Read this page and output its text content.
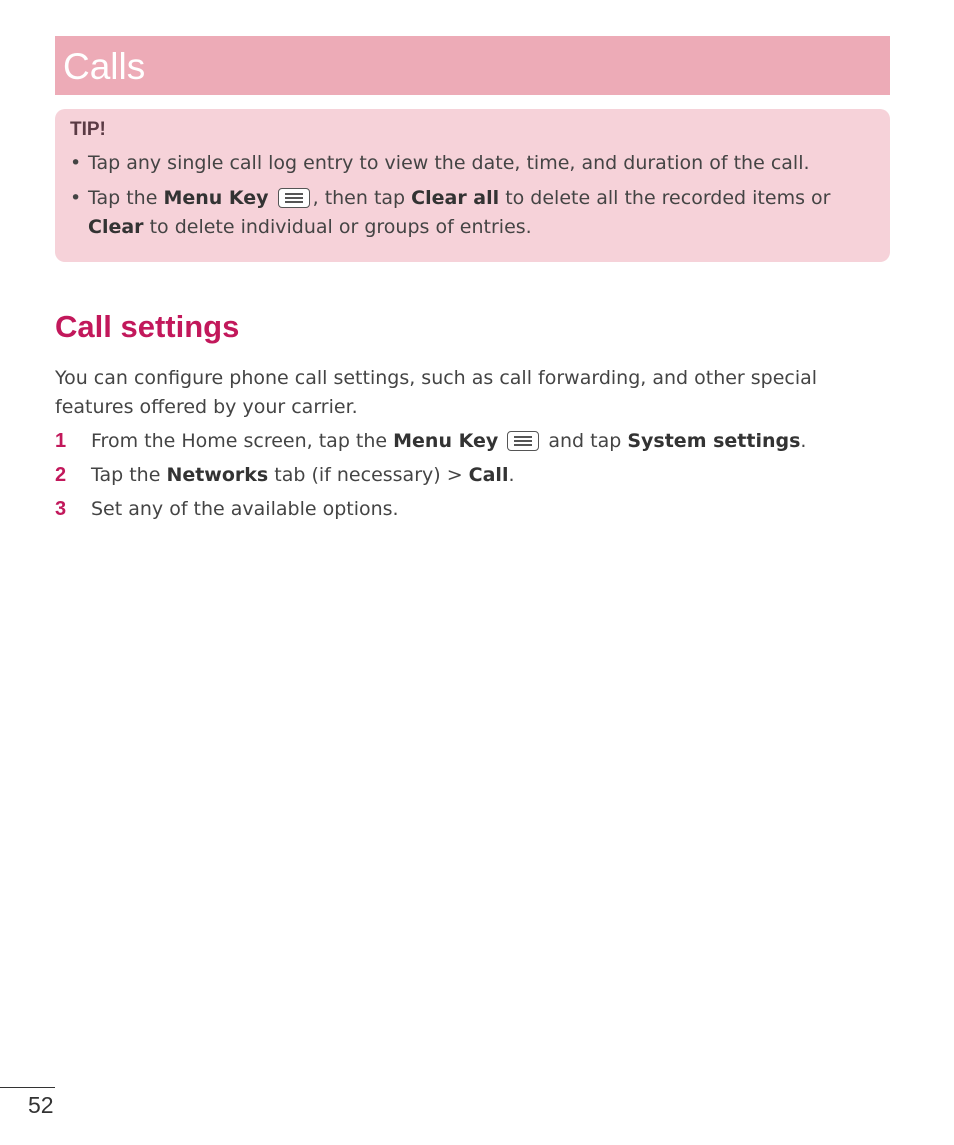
Calls
TIP!
• Tap any single call log entry to view the date, time, and duration of the call.
• Tap the Menu Key , then tap Clear all to delete all the recorded items or Clear to delete individual or groups of entries.
Call settings
You can configure phone call settings, such as call forwarding, and other special features offered by your carrier.
1 From the Home screen, tap the Menu Key
and tap System settings.
2 Tap the Networks tab (if necessary) > Call.
3 Set any of the available options.
52
